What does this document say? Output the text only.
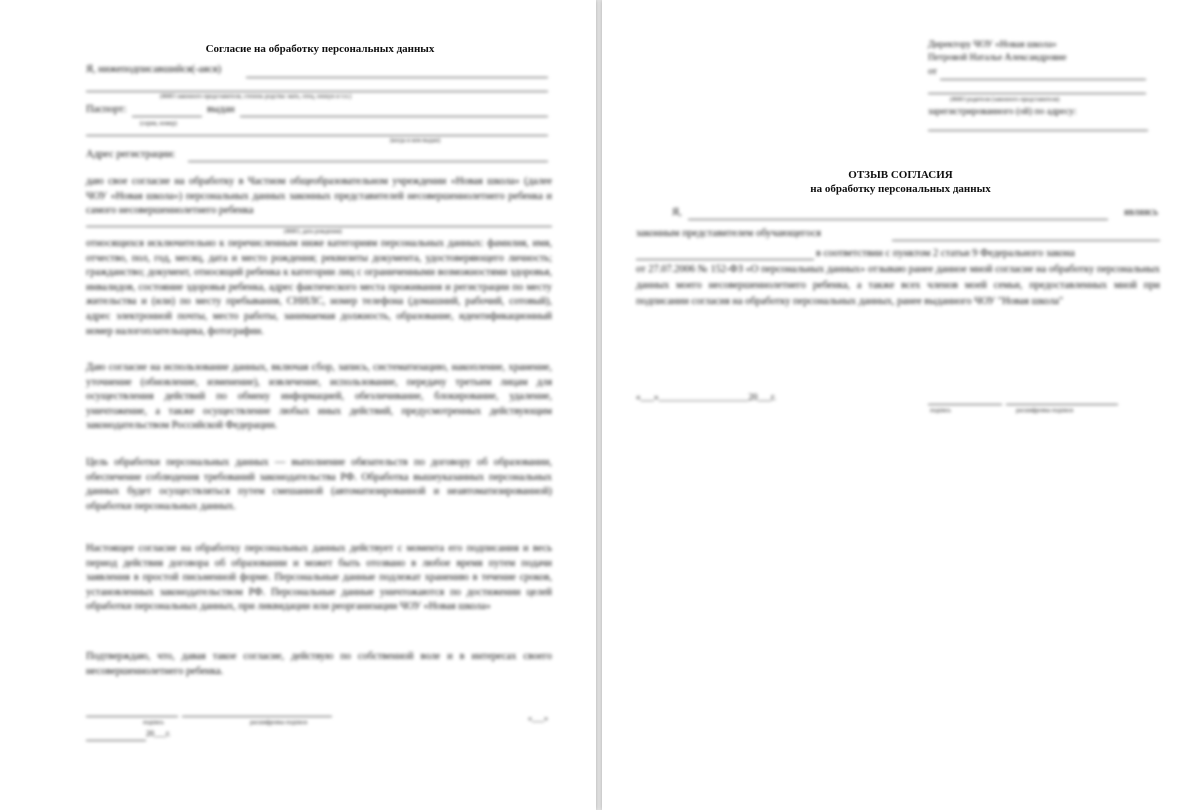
Согласие на обработку персональных данных
Я, нижеподписавшийся(-аяся)
(ФИО законного представителя, степень родства: мать, отец, опекун и т.п.)
Паспорт:	выдан
(серия, номер)
(когда и кем выдан)
Адрес регистрации:

даю свое согласие на обработку в Частном общеобразовательном учреждении «Новая школа» (далее ЧОУ «Новая школа») персональных данных законных представителей несовершеннолетнего ребенка и самого несовершеннолетнего ребенка

(ФИО, дата рождения)

относящихся исключительно к перечисленным ниже категориям персональных данных: фамилия, имя, отчество, пол, год, месяц, дата и место рождения; реквизиты документа, удостоверяющего личность; гражданство; документ, относящий ребенка к категории лиц с ограниченными возможностями здоровья, инвалидов, состояние здоровья ребенка, адрес фактического места проживания и регистрации по месту жительства и (или) по месту пребывания, СНИЛС, номер телефона (домашний, рабочий, сотовый), адрес электронной почты, место работы, занимаемая должность, образование, идентификационный номер налогоплательщика, фотографии.

Даю согласие на использование данных, включая сбор, запись, систематизацию, накопление, хранение, уточнение (обновление, изменение), извлечение, использование, передачу третьим лицам для осуществления действий по обмену информацией, обезличивание, блокирование, удаление, уничтожение, а также осуществление любых иных действий, предусмотренных действующим законодательством Российской Федерации.

Цель обработки персональных данных — выполнение обязательств по договору об образовании, обеспечение соблюдения требований законодательства РФ. Обработка вышеуказанных персональных данных будет осуществляться путем смешанной (автоматизированной и неавтоматизированной) обработки персональных данных.

Настоящее согласие на обработку персональных данных действует с момента его подписания и весь период действия договора об образовании и может быть отозвано в любое время путем подачи заявления в простой письменной форме. Персональные данные подлежат хранению в течение сроков, установленных законодательством РФ. Персональные данные уничтожаются по достижении целей обработки персональных данных, при ликвидации или реорганизации ЧОУ «Новая школа»

Подтверждаю, что, давая такое согласие, действую по собственной воле и в интересах своего несовершеннолетнего ребенка.

подпись	расшифровка подписи	«___»
20___г.
Директору ЧОУ «Новая школа»
Петровой Наталье Александровне
от
(ФИО родителя (законного представителя)
зарегистрированного (ой) по адресу:
ОТЗЫВ СОГЛАСИЯ
на обработку персональных данных
Я,	являясь
законным представителем обучающегося
в соответствии с пунктом 2 статьи 9 Федерального закона

от 27.07.2006 № 152-ФЗ «О персональных данных» отзываю ранее данное мной согласие на обработку персональных данных моего несовершеннолетнего ребенка, а также всех членов моей семьи, предоставленных мной при подписании согласия на обработку персональных данных, ранее выданного ЧОУ "Новая школа"

«___»____________________20___г.
подпись	расшифровка подписи
